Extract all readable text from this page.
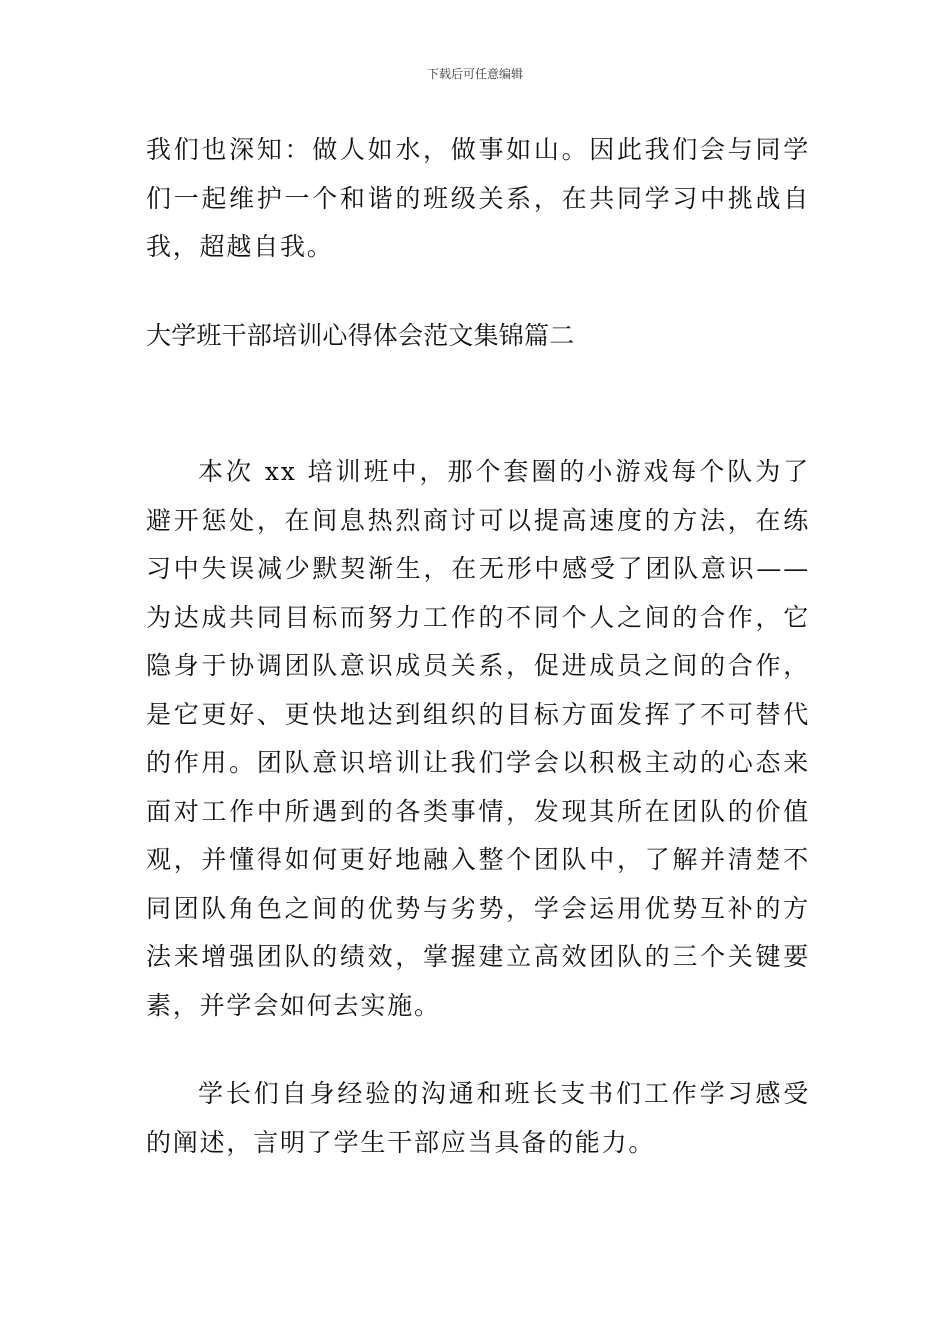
下载后可任意编辑

我们也深知：做人如水，做事如山。因此我们会与同学们一起维护一个和谐的班级关系，在共同学习中挑战自我，超越自我。

大学班干部培训心得体会范文集锦篇二

本次 xx 培训班中，那个套圈的小游戏每个队为了避开惩处，在间息热烈商讨可以提高速度的方法，在练习中失误减少默契渐生，在无形中感受了团队意识——为达成共同目标而努力工作的不同个人之间的合作，它隐身于协调团队意识成员关系，促进成员之间的合作，是它更好、更快地达到组织的目标方面发挥了不可替代的作用。团队意识培训让我们学会以积极主动的心态来面对工作中所遇到的各类事情，发现其所在团队的价值观，并懂得如何更好地融入整个团队中，了解并清楚不同团队角色之间的优势与劣势，学会运用优势互补的方法来增强团队的绩效，掌握建立高效团队的三个关键要素，并学会如何去实施。

学长们自身经验的沟通和班长支书们工作学习感受的阐述，言明了学生干部应当具备的能力。
